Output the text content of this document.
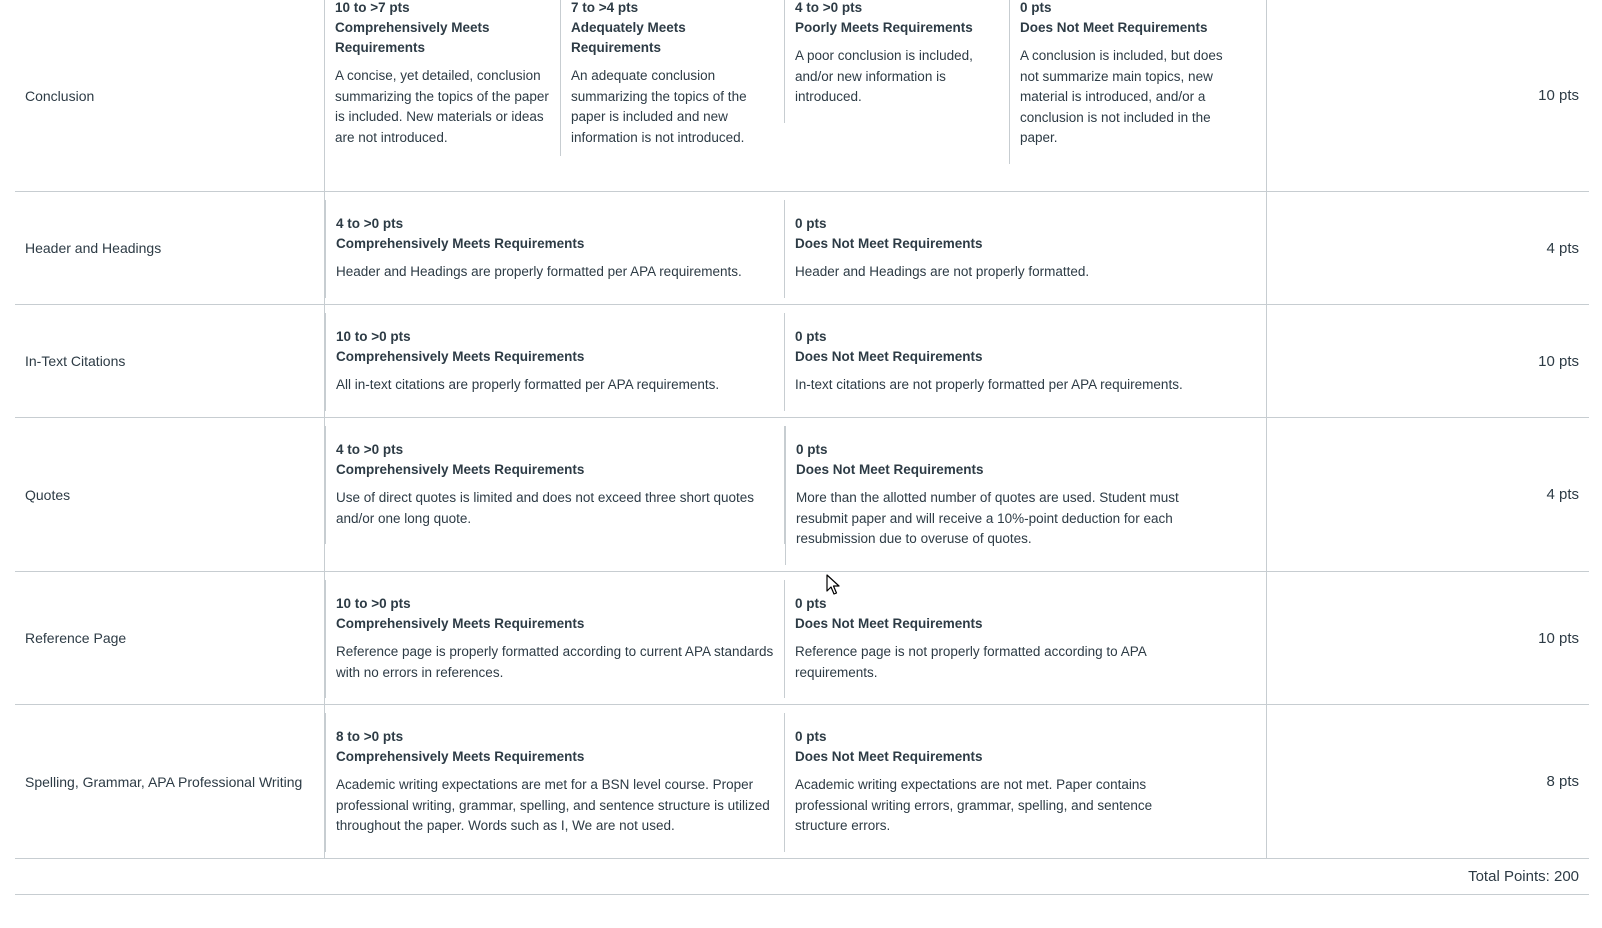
Conclusion
10 to >7 pts
Comprehensively Meets Requirements
A concise, yet detailed, conclusion summarizing the topics of the paper is included. New materials or ideas are not introduced.
7 to >4 pts
Adequately Meets Requirements
An adequate conclusion summarizing the topics of the paper is included and new information is not introduced.
4 to >0 pts
Poorly Meets Requirements
A poor conclusion is included, and/or new information is introduced.
0 pts
Does Not Meet Requirements
A conclusion is included, but does not summarize main topics, new material is introduced, and/or a conclusion is not included in the paper.
10 pts
Header and Headings
4 to >0 pts
Comprehensively Meets Requirements
Header and Headings are properly formatted per APA requirements.
0 pts
Does Not Meet Requirements
Header and Headings are not properly formatted.
4 pts
In-Text Citations
10 to >0 pts
Comprehensively Meets Requirements
All in-text citations are properly formatted per APA requirements.
0 pts
Does Not Meet Requirements
In-text citations are not properly formatted per APA requirements.
10 pts
Quotes
4 to >0 pts
Comprehensively Meets Requirements
Use of direct quotes is limited and does not exceed three short quotes and/or one long quote.
0 pts
Does Not Meet Requirements
More than the allotted number of quotes are used. Student must resubmit paper and will receive a 10%-point deduction for each resubmission due to overuse of quotes.
4 pts
Reference Page
10 to >0 pts
Comprehensively Meets Requirements
Reference page is properly formatted according to current APA standards with no errors in references.
0 pts
Does Not Meet Requirements
Reference page is not properly formatted according to APA requirements.
10 pts
Spelling, Grammar, APA Professional Writing
8 to >0 pts
Comprehensively Meets Requirements
Academic writing expectations are met for a BSN level course. Proper professional writing, grammar, spelling, and sentence structure is utilized throughout the paper. Words such as I, We are not used.
0 pts
Does Not Meet Requirements
Academic writing expectations are not met. Paper contains professional writing errors, grammar, spelling, and sentence structure errors.
8 pts
Total Points: 200
